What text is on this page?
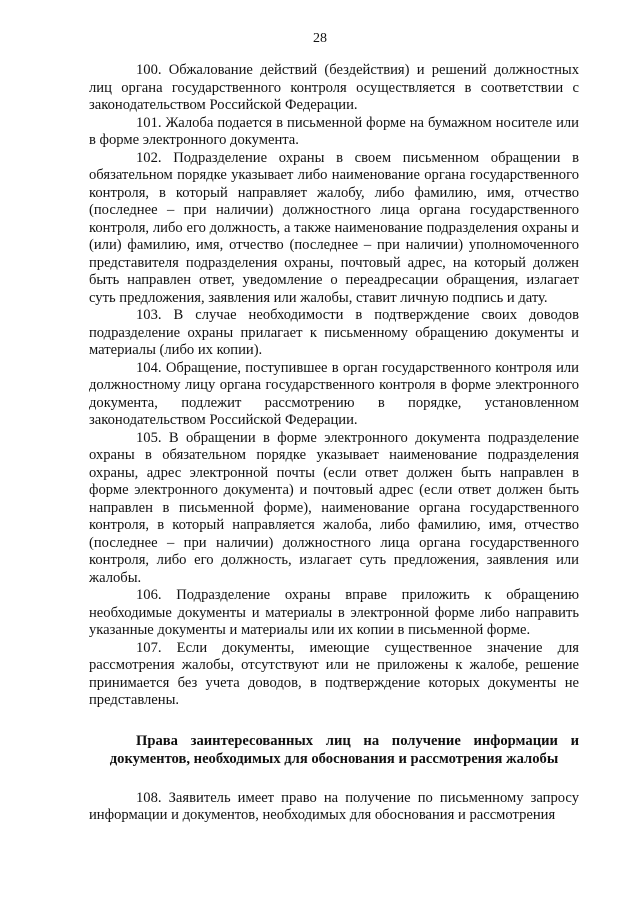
28

100. Обжалование действий (бездействия) и решений должностных лиц органа государственного контроля осуществляется в соответствии с законодательством Российской Федерации.

101. Жалоба подается в письменной форме на бумажном носителе или в форме электронного документа.

102. Подразделение охраны в своем письменном обращении в обязательном порядке указывает либо наименование органа государственного контроля, в который направляет жалобу, либо фамилию, имя, отчество (последнее – при наличии) должностного лица органа государственного контроля, либо его должность, а также наименование подразделения охраны и (или) фамилию, имя, отчество (последнее – при наличии) уполномоченного представителя подразделения охраны, почтовый адрес, на который должен быть направлен ответ, уведомление о переадресации обращения, излагает суть предложения, заявления или жалобы, ставит личную подпись и дату.

103. В случае необходимости в подтверждение своих доводов подразделение охраны прилагает к письменному обращению документы и материалы (либо их копии).

104. Обращение, поступившее в орган государственного контроля или должностному лицу органа государственного контроля в форме электронного документа, подлежит рассмотрению в порядке, установленном законодательством Российской Федерации.

105. В обращении в форме электронного документа подразделение охраны в обязательном порядке указывает наименование подразделения охраны, адрес электронной почты (если ответ должен быть направлен в форме электронного документа) и почтовый адрес (если ответ должен быть направлен в письменной форме), наименование органа государственного контроля, в который направляется жалоба, либо фамилию, имя, отчество (последнее – при наличии) должностного лица органа государственного контроля, либо его должность, излагает суть предложения, заявления или жалобы.

106. Подразделение охраны вправе приложить к обращению необходимые документы и материалы в электронной форме либо направить указанные документы и материалы или их копии в письменной форме.

107. Если документы, имеющие существенное значение для рассмотрения жалобы, отсутствуют или не приложены к жалобе, решение принимается без учета доводов, в подтверждение которых документы не представлены.

Права заинтересованных лиц на получение информации и документов, необходимых для обоснования и рассмотрения жалобы

108. Заявитель имеет право на получение по письменному запросу информации и документов, необходимых для обоснования и рассмотрения
